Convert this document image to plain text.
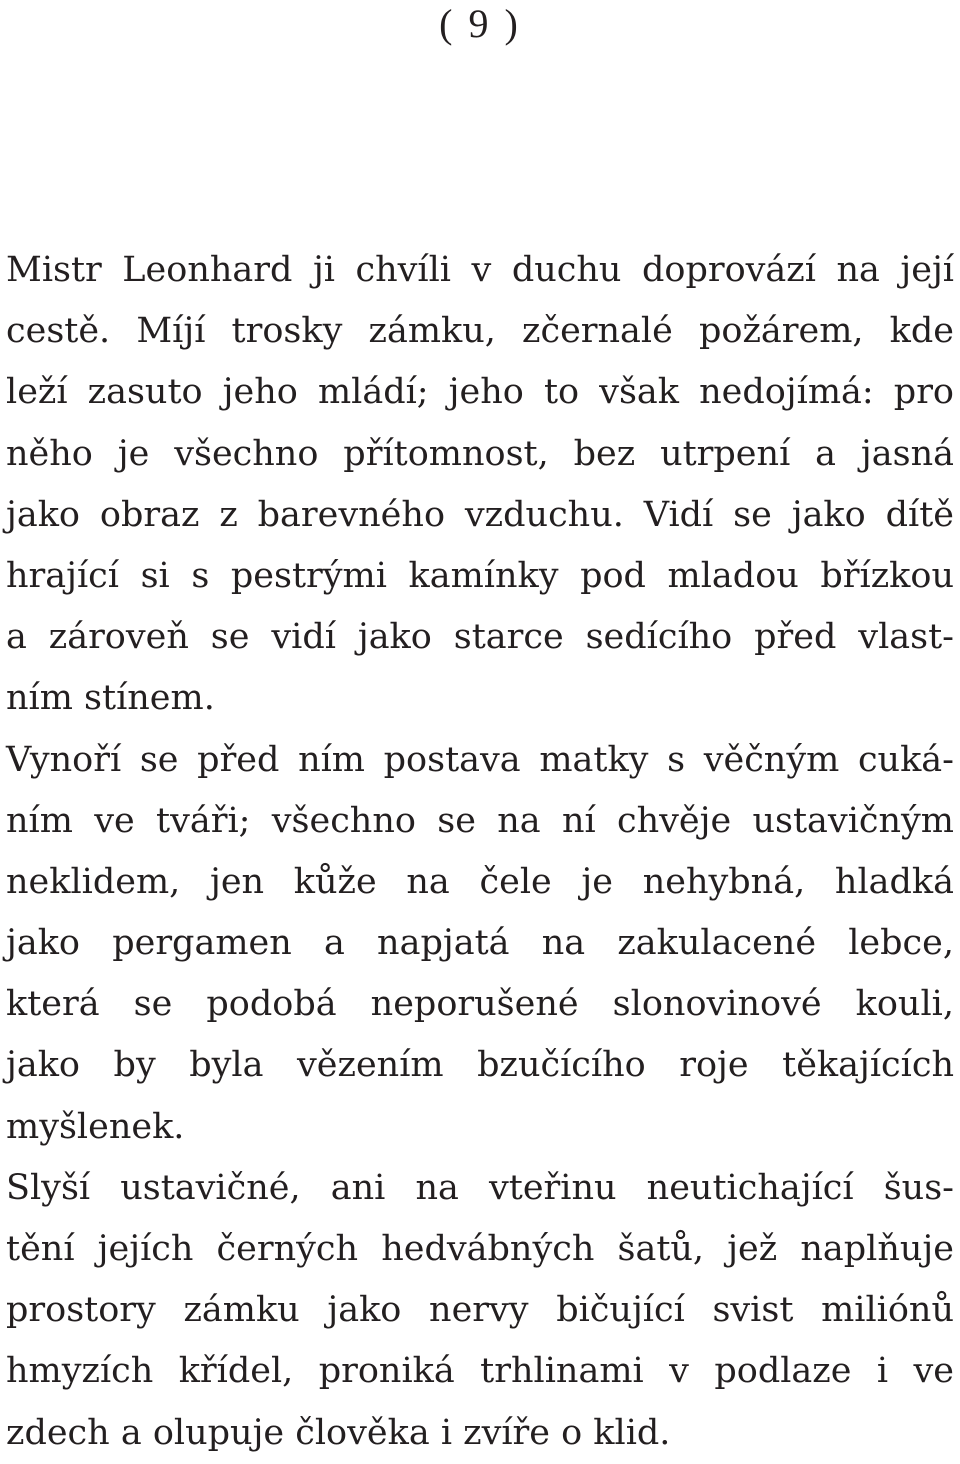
( 9 )
Mistr Leonhard ji chvíli v duchu doprovází na její
cestě. Míjí trosky zámku, zčernalé požárem, kde
leží zasuto jeho mládí; jeho to však nedojímá: pro
něho je všechno přítomnost, bez utrpení a jasná
jako obraz z barevného vzduchu. Vidí se jako dítě
hrající si s pestrými kamínky pod mladou břízkou
a zároveň se vidí jako starce sedícího před vlast-
ním stínem.
Vynoří se před ním postava matky s věčným cuká-
ním ve tváři; všechno se na ní chvěje ustavičným
neklidem, jen kůže na čele je nehybná, hladká
jako pergamen a napjatá na zakulacené lebce,
která se podobá neporušené slonovinové kouli,
jako by byla vězením bzučícího roje těkajících
myšlenek.
Slyší ustavičné, ani na vteřinu neutichající šus-
tění jejích černých hedvábných šatů, jež naplňuje
prostory zámku jako nervy bičující svist miliónů
hmyzích křídel, proniká trhlinami v podlaze i ve
zdech a olupuje člověka i zvíře o klid.
